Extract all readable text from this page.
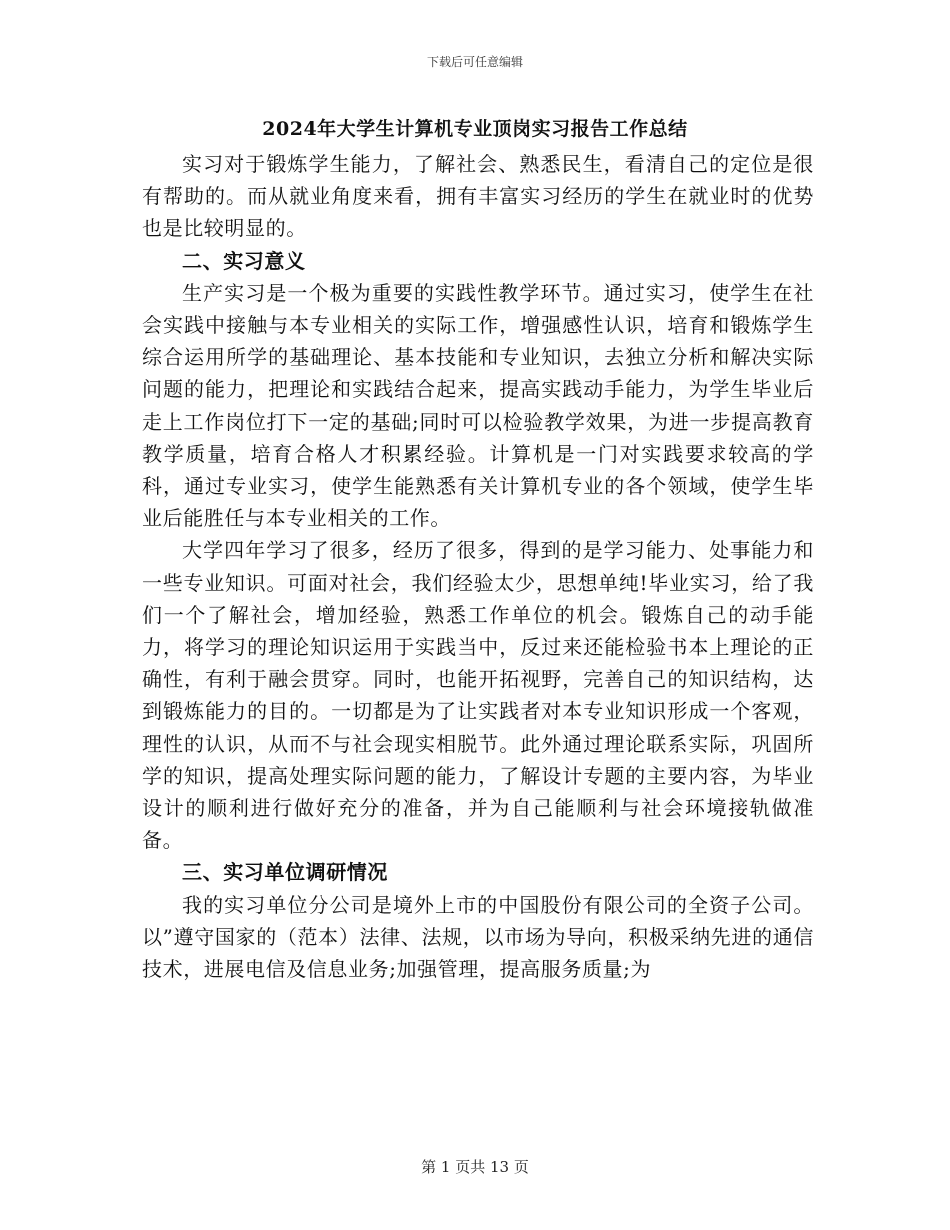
下载后可任意编辑
2024年大学生计算机专业顶岗实习报告工作总结

实习对于锻炼学生能力，了解社会、熟悉民生，看清自己的定位是很有帮助的。而从就业角度来看，拥有丰富实习经历的学生在就业时的优势也是比较明显的。

二、实习意义

生产实习是一个极为重要的实践性教学环节。通过实习，使学生在社会实践中接触与本专业相关的实际工作，增强感性认识，培育和锻炼学生综合运用所学的基础理论、基本技能和专业知识，去独立分析和解决实际问题的能力，把理论和实践结合起来，提高实践动手能力，为学生毕业后走上工作岗位打下一定的基础;同时可以检验教学效果，为进一步提高教育教学质量，培育合格人才积累经验。计算机是一门对实践要求较高的学科，通过专业实习，使学生能熟悉有关计算机专业的各个领域，使学生毕业后能胜任与本专业相关的工作。

大学四年学习了很多，经历了很多，得到的是学习能力、处事能力和一些专业知识。可面对社会，我们经验太少，思想单纯!毕业实习，给了我们一个了解社会，增加经验，熟悉工作单位的机会。锻炼自己的动手能力，将学习的理论知识运用于实践当中，反过来还能检验书本上理论的正确性，有利于融会贯穿。同时，也能开拓视野，完善自己的知识结构，达到锻炼能力的目的。一切都是为了让实践者对本专业知识形成一个客观，理性的认识，从而不与社会现实相脱节。此外通过理论联系实际，巩固所学的知识，提高处理实际问题的能力，了解设计专题的主要内容，为毕业设计的顺利进行做好充分的准备，并为自己能顺利与社会环境接轨做准备。

三、实习单位调研情况

我的实习单位分公司是境外上市的中国股份有限公司的全资子公司。以”遵守国家的（范本）法律、法规，以市场为导向，积极采纳先进的通信技术，进展电信及信息业务;加强管理，提高服务质量;为

第 1 页共 13 页
